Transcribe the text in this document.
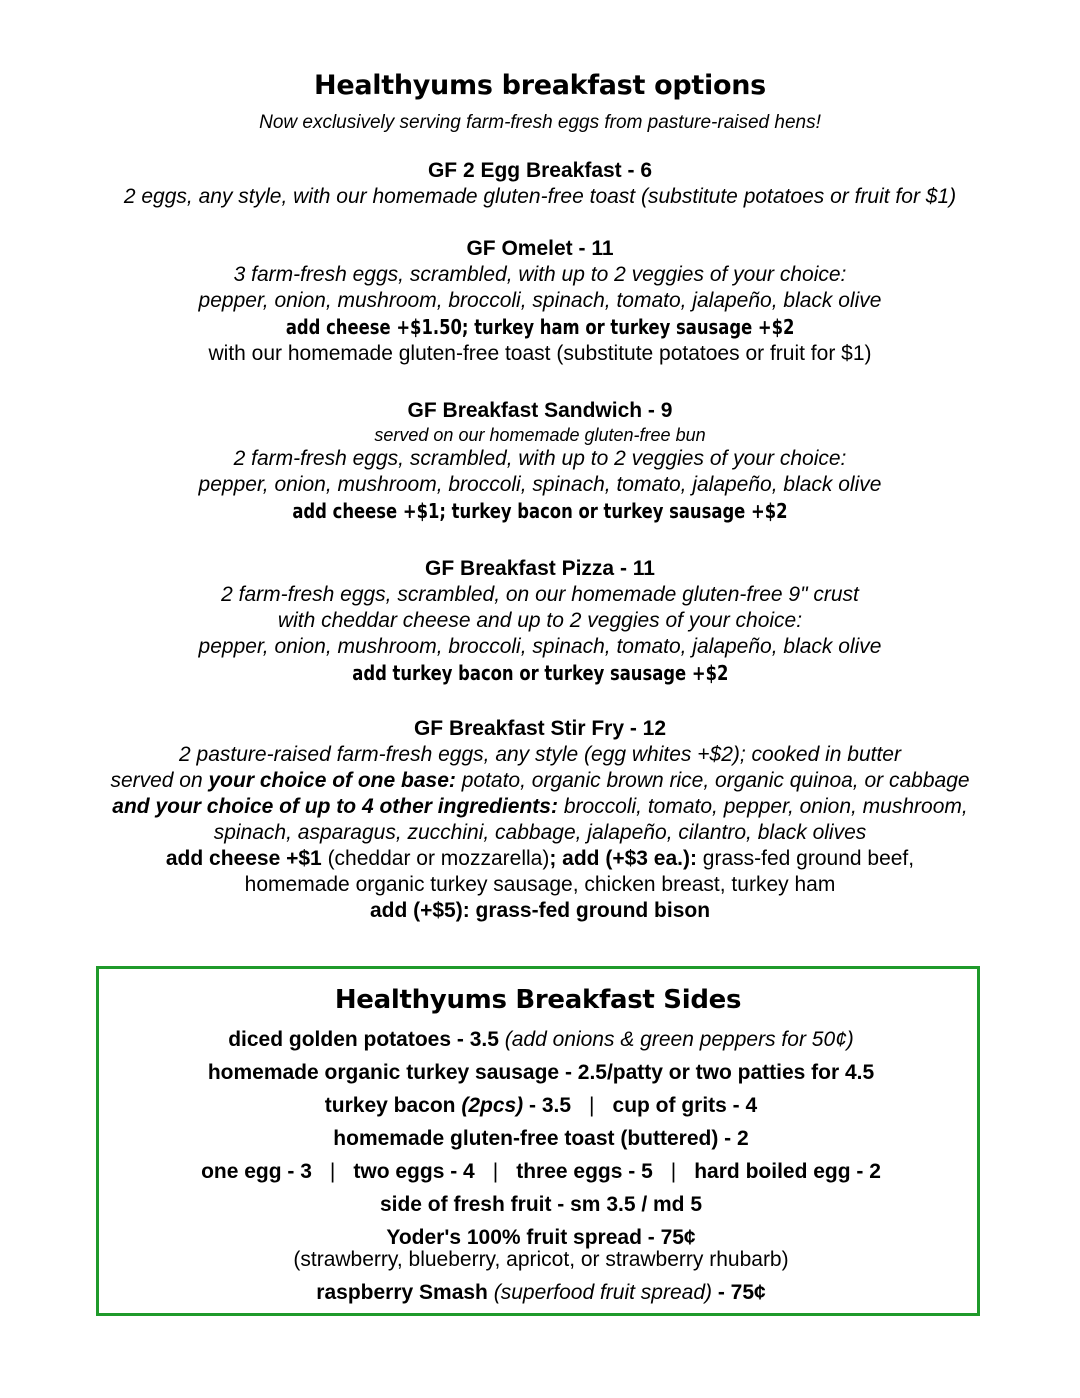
Healthyums breakfast options
Now exclusively serving farm-fresh eggs from pasture-raised hens!
GF 2 Egg Breakfast - 6
2 eggs, any style, with our homemade gluten-free toast (substitute potatoes or fruit for $1)
GF Omelet - 11
3 farm-fresh eggs, scrambled, with up to 2 veggies of your choice:
pepper, onion, mushroom, broccoli, spinach, tomato, jalapeño, black olive
add cheese +$1.50; turkey ham or turkey sausage +$2
with our homemade gluten-free toast (substitute potatoes or fruit for $1)
GF Breakfast Sandwich - 9
served on our homemade gluten-free bun
2 farm-fresh eggs, scrambled, with up to 2 veggies of your choice:
pepper, onion, mushroom, broccoli, spinach, tomato, jalapeño, black olive
add cheese +$1; turkey bacon or turkey sausage +$2
GF Breakfast Pizza - 11
2 farm-fresh eggs, scrambled, on our homemade gluten-free 9" crust
with cheddar cheese and up to 2 veggies of your choice:
pepper, onion, mushroom, broccoli, spinach, tomato, jalapeño, black olive
add turkey bacon or turkey sausage +$2
GF Breakfast Stir Fry - 12
2 pasture-raised farm-fresh eggs, any style (egg whites +$2); cooked in butter
served on your choice of one base: potato, organic brown rice, organic quinoa, or cabbage
and your choice of up to 4 other ingredients: broccoli, tomato, pepper, onion, mushroom,
spinach, asparagus, zucchini, cabbage, jalapeño, cilantro, black olives
add cheese +$1 (cheddar or mozzarella); add (+$3 ea.): grass-fed ground beef,
homemade organic turkey sausage, chicken breast, turkey ham
add (+$5): grass-fed ground bison
Healthyums Breakfast Sides
diced golden potatoes - 3.5 (add onions & green peppers for 50¢)
homemade organic turkey sausage - 2.5/patty or two patties for 4.5
turkey bacon (2pcs) - 3.5 | cup of grits - 4
homemade gluten-free toast (buttered) - 2
one egg - 3 | two eggs - 4 | three eggs - 5 | hard boiled egg - 2
side of fresh fruit - sm 3.5 / md 5
Yoder's 100% fruit spread - 75¢
(strawberry, blueberry, apricot, or strawberry rhubarb)
raspberry Smash (superfood fruit spread) - 75¢
